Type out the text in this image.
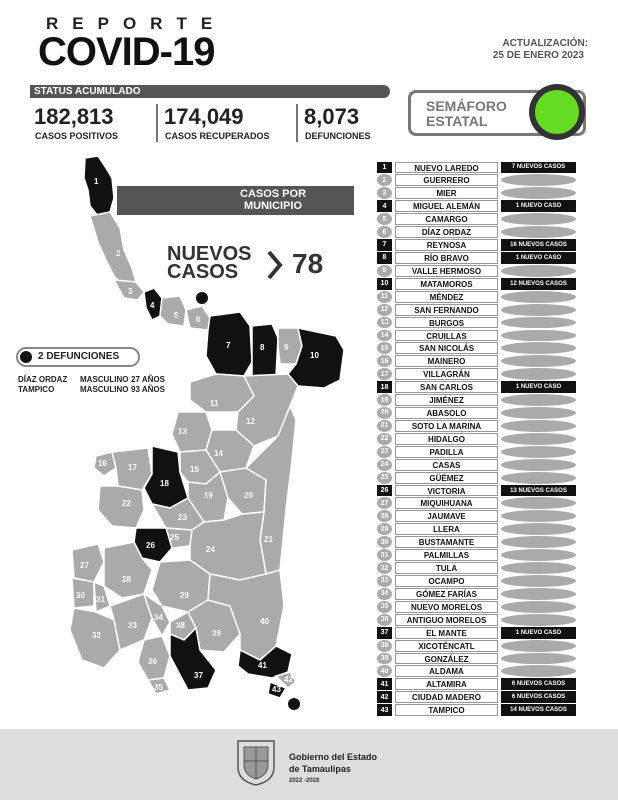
REPORTE
COVID-19	ACTUALIZACIÓN:
25 DE ENERO 2023
STATUS ACUMULADO
182,813
CASOS POSITIVOS
174,049
CASOS RECUPERADOS
8,073
DEFUNCIONES
SEMÁFORO
ESTATAL
1
2
3
4
5 6
7	8 9
10
11
12
13
14
15
16	17
18
19	20
21
22
23
24
25
26
27
28
29
30 31
32
33
34
35
36
37
38
39
40
41
42
43
CASOS POR
MUNICIPIO
NUEVOS
CASOS 78
2 DEFUNCIONES
DÍAZ ORDAZ MASCULINO 27 AÑOS
TAMPICO	MASCULINO 93 AÑOS
1	NUEVO LAREDO	7 NUEVOS CASOS
2	GUERRERO
3	MIER
4	MIGUEL ALEMÁN	1 NUEVO CASO
5	CAMARGO
6	DÍAZ ORDAZ
7	REYNOSA	16 NUEVOS CASOS
8	RÍO BRAVO	1 NUEVO CASO
9	VALLE HERMOSO
10	MATAMOROS	12 NUEVOS CASOS
11	MÉNDEZ
12	SAN FERNANDO
13	BURGOS
14	CRUILLAS
15	SAN NICOLÁS
16	MAINERO
17	VILLAGRÁN
18	SAN CARLOS	1 NUEVO CASO
19	JIMÉNEZ
20	ABASOLO
21	SOTO LA MARINA
22	HIDALGO
23	PADILLA
24	CASAS
25	GÜÉMEZ
26	VICTORIA	13 NUEVOS CASOS
27	MIQUIHUANA
28	JAUMAVE
29	LLERA
30	BUSTAMANTE
31	PALMILLAS
32	TULA
33	OCAMPO
34	GÓMEZ FARÍAS
35	NUEVO MORELOS
36	ANTIGUO MORELOS
37	EL MANTE	1 NUEVO CASO
38	XICOTÉNCATL
39	GONZÁLEZ
40	ALDAMA
41	ALTAMIRA	6 NUEVOS CASOS
42	CIUDAD MADERO	6 NUEVOS CASOS
43	TAMPICO	14 NUEVOS CASOS
Gobierno del Estado
de Tamaulipas
2022 -2028
